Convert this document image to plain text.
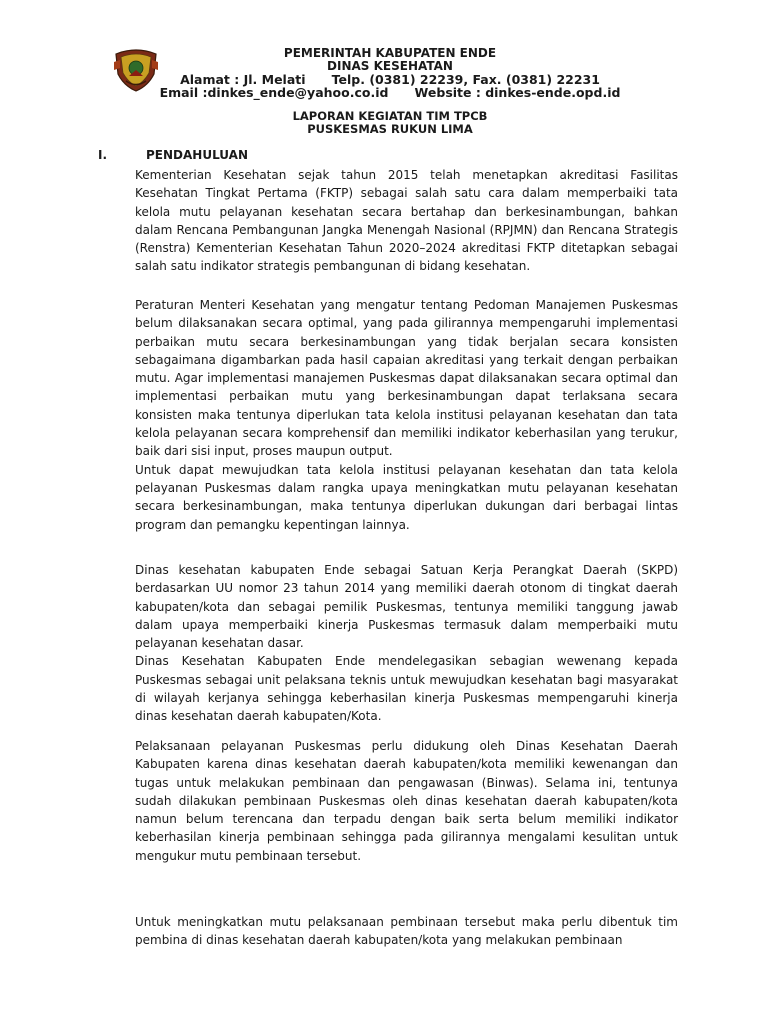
PEMERINTAH KABUPATEN ENDE
DINAS KESEHATAN
Alamat : Jl. Melati      Telp. (0381) 22239, Fax. (0381) 22231
Email :dinkes_ende@yahoo.co.id      Website : dinkes-ende.opd.id
LAPORAN KEGIATAN TIM TPCB
PUSKESMAS RUKUN LIMA
I.	PENDAHULUAN

Kementerian Kesehatan sejak tahun 2015 telah menetapkan akreditasi Fasilitas Kesehatan Tingkat Pertama (FKTP) sebagai salah satu cara dalam memperbaiki tata kelola mutu pelayanan kesehatan secara bertahap dan berkesinambungan, bahkan dalam Rencana Pembangunan Jangka Menengah Nasional (RPJMN) dan Rencana Strategis (Renstra) Kementerian Kesehatan Tahun 2020–2024 akreditasi FKTP ditetapkan sebagai salah satu indikator strategis pembangunan di bidang kesehatan.

Peraturan Menteri Kesehatan yang mengatur tentang Pedoman Manajemen Puskesmas belum dilaksanakan secara optimal, yang pada gilirannya mempengaruhi implementasi perbaikan mutu secara berkesinambungan yang tidak berjalan secara konsisten sebagaimana digambarkan pada hasil capaian akreditasi yang terkait dengan perbaikan mutu. Agar implementasi manajemen Puskesmas dapat dilaksanakan secara optimal dan implementasi perbaikan mutu yang berkesinambungan dapat terlaksana secara konsisten maka tentunya diperlukan tata kelola institusi pelayanan kesehatan dan tata kelola pelayanan secara komprehensif dan memiliki indikator keberhasilan yang terukur, baik dari sisi input, proses maupun output.

Untuk dapat mewujudkan tata kelola institusi pelayanan kesehatan dan tata kelola pelayanan Puskesmas dalam rangka upaya meningkatkan mutu pelayanan kesehatan secara berkesinambungan, maka tentunya diperlukan dukungan dari berbagai lintas program dan pemangku kepentingan lainnya.

Dinas kesehatan kabupaten Ende sebagai Satuan Kerja Perangkat Daerah (SKPD) berdasarkan UU nomor 23 tahun 2014 yang memiliki daerah otonom di tingkat daerah kabupaten/kota dan sebagai pemilik Puskesmas, tentunya memiliki tanggung jawab dalam upaya memperbaiki kinerja Puskesmas termasuk dalam memperbaiki mutu pelayanan kesehatan dasar.

Dinas Kesehatan Kabupaten Ende mendelegasikan sebagian wewenang kepada Puskesmas sebagai unit pelaksana teknis untuk mewujudkan kesehatan bagi masyarakat di wilayah kerjanya sehingga keberhasilan kinerja Puskesmas mempengaruhi kinerja dinas kesehatan daerah kabupaten/Kota.

Pelaksanaan pelayanan Puskesmas perlu didukung oleh Dinas Kesehatan Daerah Kabupaten karena dinas kesehatan daerah kabupaten/kota memiliki kewenangan dan tugas untuk melakukan pembinaan dan pengawasan (Binwas). Selama ini, tentunya sudah dilakukan pembinaan Puskesmas oleh dinas kesehatan daerah kabupaten/kota namun belum terencana dan terpadu dengan baik serta belum memiliki indikator keberhasilan kinerja pembinaan sehingga pada gilirannya mengalami kesulitan untuk mengukur mutu pembinaan tersebut.

Untuk meningkatkan mutu pelaksanaan pembinaan tersebut maka perlu dibentuk tim pembina di dinas kesehatan daerah kabupaten/kota yang melakukan pembinaan
